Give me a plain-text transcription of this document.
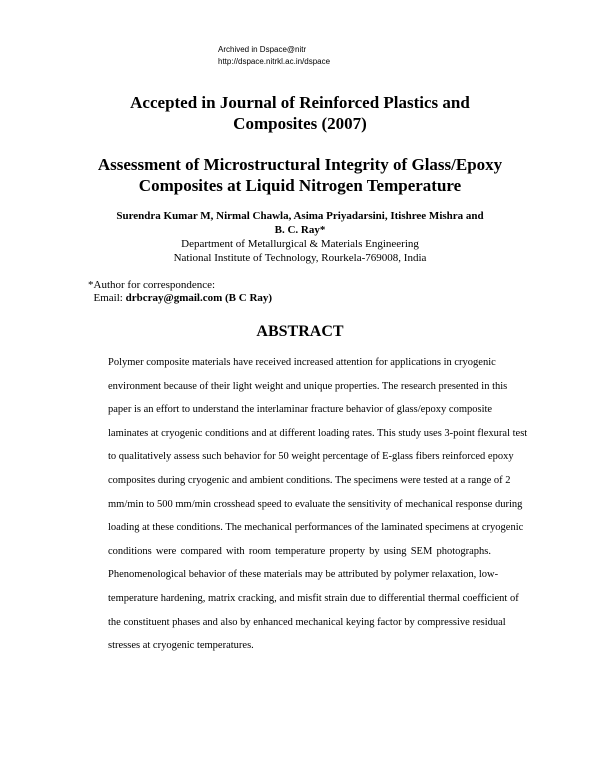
Archived in Dspace@nitr
http://dspace.nitrkl.ac.in/dspace
Accepted in Journal of Reinforced Plastics and
Composites (2007)
Assessment of Microstructural Integrity of Glass/Epoxy
Composites at Liquid Nitrogen Temperature
Surendra Kumar M, Nirmal Chawla, Asima Priyadarsini, Itishree Mishra and
B. C. Ray*
Department of Metallurgical & Materials Engineering
National Institute of Technology, Rourkela-769008, India
*Author for correspondence:
Email: drbcray@gmail.com (B C Ray)
ABSTRACT
Polymer composite materials have received increased attention for applications in cryogenic
environment because of their light weight and unique properties. The research presented in this
paper is an effort to understand the interlaminar fracture behavior of glass/epoxy composite
laminates at cryogenic conditions and at different loading rates. This study uses 3-point flexural test
to qualitatively assess such behavior for 50 weight percentage of E-glass fibers reinforced epoxy
composites during cryogenic and ambient conditions. The specimens were tested at a range of 2
mm/min to 500 mm/min crosshead speed to evaluate the sensitivity of mechanical response during
loading at these conditions. The mechanical performances of the laminated specimens at cryogenic
conditions were compared with room temperature property by using SEM photographs.
Phenomenological behavior of these materials may be attributed by polymer relaxation, low-
temperature hardening, matrix cracking, and misfit strain due to differential thermal coefficient of
the constituent phases and also by enhanced mechanical keying factor by compressive residual
stresses at cryogenic temperatures.
